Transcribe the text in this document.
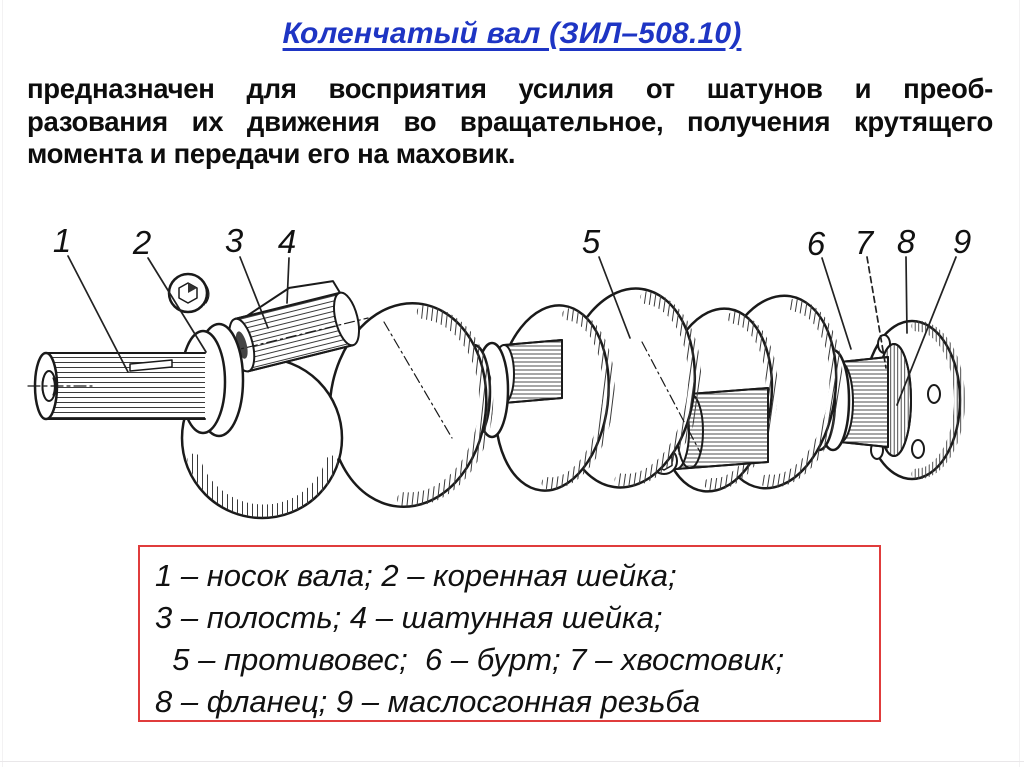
Коленчатый вал (ЗИЛ–508.10)
предназначен для восприятия усилия от шатунов и преоб-
разования их движения во вращательное, получения крутящего
момента и передачи его на маховик.
1 2 3 4	5	6 7 8 9
1 – носок вала; 2 – коренная шейка;
3 – полость; 4 – шатунная шейка;
5 – противовес;  6 – бурт; 7 – хвостовик;
8 – фланец; 9 – маслосгонная резьба
